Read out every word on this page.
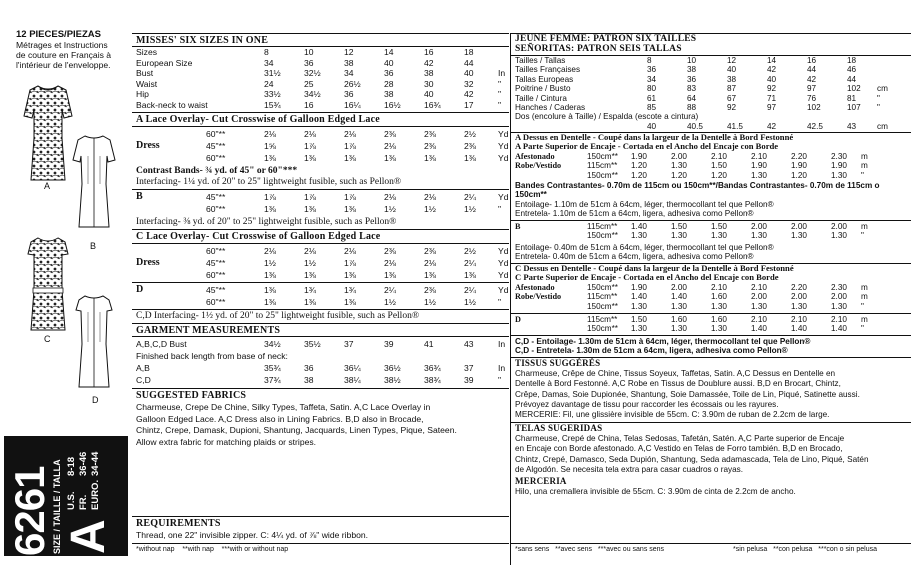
12 PIECES/PIEZAS
Métrages et Instructions
de couture en Français à
l'intérieur de l'enveloppe.
A
B
C
D
6261 SIZE / TAILLE / TALLA A
U.S.
8-18
FR.
36-46
EURO.
34-44
MISSES' SIX SIZES IN ONE
Sizes	8	10	12	14	16	18
European Size	34	36	38	40	42	44
Bust	31½	32½	34	36	38	40	In
Waist	24	25	26½	28	30	32	"
Hip	33½	34½	36	38	40	42	"
Back-neck to waist	15¾	16	16¼	16½	16¾	17	"
A Lace Overlay- Cut Crosswise of Galloon Edged Lace
60"**	2⅛	2⅛	2⅛	2⅜	2⅜	2½	Yd
Dress	45"**	1⅝	1⅞	1⅞	2⅛	2⅜	2⅜	Yd
60"**	1⅜	1⅜	1⅜	1⅜	1⅜	1⅜	Yd
Contrast Bands- ¾ yd. of 45" or 60"***
Interfacing- 1¼ yd. of 20" to 25" lightweight fusible, such as Pellon®
B	45"**	1⅞	1⅞	1⅞	2⅛	2⅛	2¼	Yd
60"**	1⅜	1⅜	1⅜	1½	1½	1½	"
Interfacing- ⅜ yd. of 20" to 25" lightweight fusible, such as Pellon®
C Lace Overlay- Cut Crosswise of Galloon Edged Lace
60"**	2⅛	2⅛	2⅛	2⅜	2⅜	2½	Yd
Dress	45"**	1½	1½	1⅞	2⅛	2⅛	2¼	Yd
60"**	1⅜	1⅜	1⅜	1⅜	1⅜	1⅜	Yd
D	45"**	1⅜	1¾	1¾	2¼	2⅜	2¼	Yd
60"**	1⅜	1⅜	1⅜	1½	1½	1½	"
C,D Interfacing- 1½ yd. of 20" to 25" lightweight fusible, such as Pellon®
GARMENT MEASUREMENTS
A,B,C,D Bust	34½	35½	37	39	41	43	In
Finished back length from base of neck:
A,B	35¾	36	36¼	36½	36¾	37	In
C,D	37¾	38	38¼	38½	38¾	39	"
SUGGESTED FABRICS
Charmeuse, Crepe De Chine, Silky Types, Taffeta, Satin. A,C Lace Overlay in
Galloon Edged Lace. A,C Dress also in Lining Fabrics. B,D also in Brocade,
Chintz, Crepe, Damask, Dupioni, Shantung, Jacquards, Linen Types, Pique, Sateen.
Allow extra fabric for matching plaids or stripes.
REQUIREMENTS
Thread, one 22" invisible zipper. C: 4¼ yd. of ⅞" wide ribbon.
*without nap **with nap ***with or without nap
JEUNE FEMME: PATRON SIX TAILLES
SEÑORITAS: PATRON SEIS TALLAS
Tailles / Tallas	8	10	12	14	16	18
Tailles Françaises	36	38	40	42	44	46
Tallas Europeas	34	36	38	40	42	44
Poitrine / Busto	80	83	87	92	97	102	cm
Taille / Cintura	61	64	67	71	76	81	"
Hanches / Caderas	85	88	92	97	102	107	"
Dos (encolure à Taille) / Espalda (escote a cintura)
40	40.5	41.5	42	42.5	43	cm
A Dessus en Dentelle - Coupé dans la largeur de la Dentelle à Bord Festonné
A Parte Superior de Encaje - Cortada en el Ancho del Encaje con Borde
Afestonado	150cm**	1.90	2.00	2.10	2.10	2.20	2.30	m
Robe/Vestido	115cm**	1.20	1.30	1.50	1.90	1.90	1.90	m
150cm**	1.20	1.20	1.20	1.30	1.20	1.30	"
Bandes Contrastantes- 0.70m de 115cm ou 150cm**/Bandas Contrastantes- 0.70m de 115cm o 150cm**
Entoilage- 1.10m de 51cm à 64cm, léger, thermocollant tel que Pellon®
Entretela- 1.10m de 51cm a 64cm, ligera, adhesiva como Pellon®
B	115cm**	1.40	1.50	1.50	2.00	2.00	2.00	m
150cm**	1.30	1.30	1.30	1.30	1.30	1.30	"
Entoilage- 0.40m de 51cm à 64cm, léger, thermocollant tel que Pellon®
Entretela- 0.40m de 51cm a 64cm, ligera, adhesiva como Pellon®
C Dessus en Dentelle - Coupé dans la largeur de la Dentelle à Bord Festonné
C Parte Superior de Encaje - Cortada en el Ancho del Encaje con Borde
Afestonado	150cm**	1.90	2.00	2.10	2.10	2.20	2.30	m
Robe/Vestido	115cm**	1.40	1.40	1.60	2.00	2.00	2.00	m
150cm**	1.30	1.30	1.30	1.30	1.30	1.30	"
D	115cm**	1.50	1.60	1.60	2.10	2.10	2.10	m
150cm**	1.30	1.30	1.30	1.40	1.40	1.40	"
C,D - Entoilage- 1.30m de 51cm à 64cm, léger, thermocollant tel que Pellon®
C,D - Entretela- 1.30m de 51cm a 64cm, ligera, adhesiva como Pellon®
TISSUS SUGGÉRÉS
Charmeuse, Crêpe de Chine, Tissus Soyeux, Taffetas, Satin. A,C Dessus en Dentelle en
Dentelle à Bord Festonné. A,C Robe en Tissus de Doublure aussi. B,D en Brocart, Chintz,
Crêpe, Damas, Soie Dupionée, Shantung, Soie Damassée, Toile de Lin, Piqué, Satinette aussi.
Prévoyez davantage de tissu pour raccorder les écossais ou les rayures.
MERCERIE: Fil, une glissière invisible de 55cm. C: 3.90m de ruban de 2.2cm de large.
TELAS SUGERIDAS
Charmeuse, Crepé de China, Telas Sedosas, Tafetán, Satén. A,C Parte superior de Encaje
en Encaje con Borde afestonado. A,C Vestido en Telas de Forro también. B,D en Brocado,
Chintz, Crepé, Damasco, Seda Dupión, Shantung, Seda adamascada, Tela de Lino, Piqué, Satén
de Algodón. Se necesita tela extra para casar cuadros o rayas.
MERCERIA
Hilo, una cremallera invisible de 55cm. C: 3.90m de cinta de 2.2cm de ancho.
*sans sens **avec sens ***avec ou sans sens	*sin pelusa **con pelusa ***con o sin pelusa
